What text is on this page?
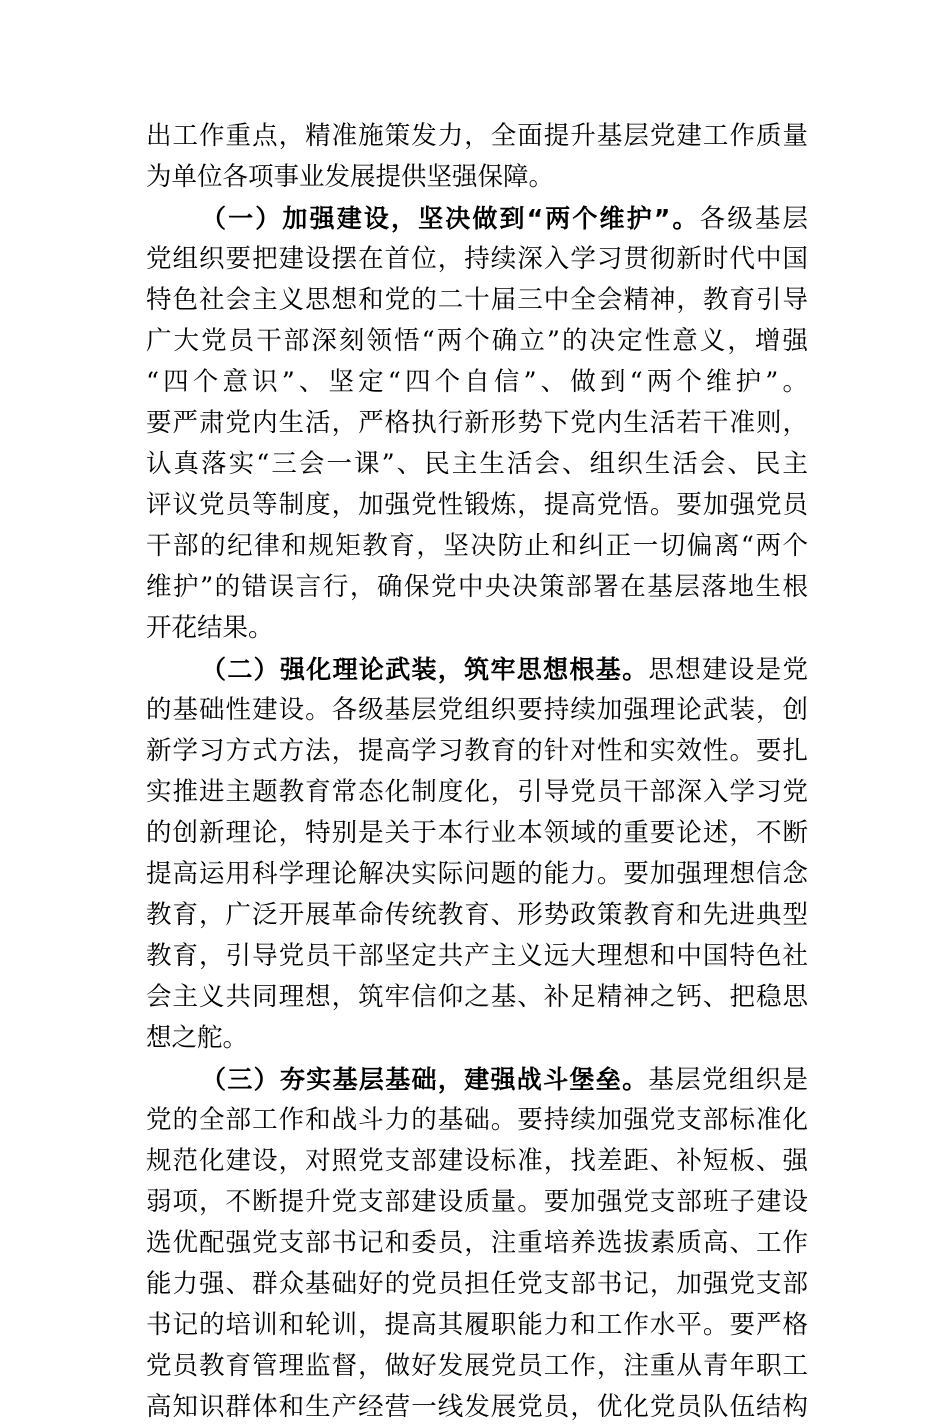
出工作重点，精准施策发力，全面提升基层党建工作质量
为单位各项事业发展提供坚强保障。
（一）加强建设，坚决做到“两个维护”。各级基层
党组织要把建设摆在首位，持续深入学习贯彻新时代中国
特色社会主义思想和党的二十届三中全会精神，教育引导
广大党员干部深刻领悟“两个确立”的决定性意义，增强
“四个意识”、坚定“四个自信”、做到“两个维护”。
要严肃党内生活，严格执行新形势下党内生活若干准则，
认真落实“三会一课”、民主生活会、组织生活会、民主
评议党员等制度，加强党性锻炼，提高党悟。要加强党员
干部的纪律和规矩教育，坚决防止和纠正一切偏离“两个
维护”的错误言行，确保党中央决策部署在基层落地生根
开花结果。
（二）强化理论武装，筑牢思想根基。思想建设是党
的基础性建设。各级基层党组织要持续加强理论武装，创
新学习方式方法，提高学习教育的针对性和实效性。要扎
实推进主题教育常态化制度化，引导党员干部深入学习党
的创新理论，特别是关于本行业本领域的重要论述，不断
提高运用科学理论解决实际问题的能力。要加强理想信念
教育，广泛开展革命传统教育、形势政策教育和先进典型
教育，引导党员干部坚定共产主义远大理想和中国特色社
会主义共同理想，筑牢信仰之基、补足精神之钙、把稳思
想之舵。
（三）夯实基层基础，建强战斗堡垒。基层党组织是
党的全部工作和战斗力的基础。要持续加强党支部标准化
规范化建设，对照党支部建设标准，找差距、补短板、强
弱项，不断提升党支部建设质量。要加强党支部班子建设
选优配强党支部书记和委员，注重培养选拔素质高、工作
能力强、群众基础好的党员担任党支部书记，加强党支部
书记的培训和轮训，提高其履职能力和工作水平。要严格
党员教育管理监督，做好发展党员工作，注重从青年职工
高知识群体和生产经营一线发展党员，优化党员队伍结构
